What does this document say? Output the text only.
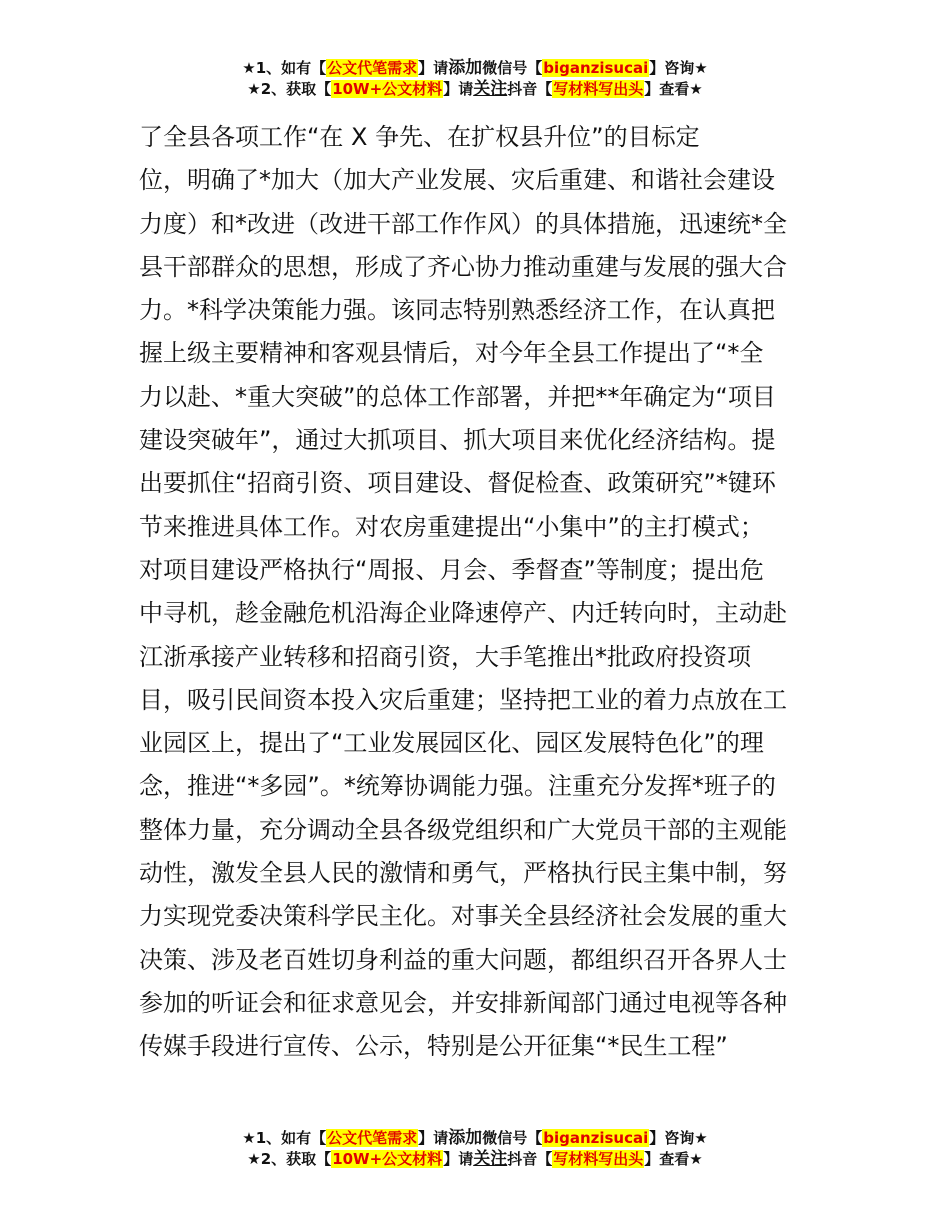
★1、如有【公文代笔需求】请添加微信号【biganzisucai】咨询★
★2、获取【10W+公文材料】请关注抖音【写材料写出头】查看★
了全县各项工作“在 X 争先、在扩权县升位”的目标定
位，明确了*加大（加大产业发展、灾后重建、和谐社会建设
力度）和*改进（改进干部工作作风）的具体措施，迅速统*全
县干部群众的思想，形成了齐心协力推动重建与发展的强大合
力。*科学决策能力强。该同志特别熟悉经济工作，在认真把
握上级主要精神和客观县情后，对今年全县工作提出了“*全
力以赴、*重大突破”的总体工作部署，并把**年确定为“项目
建设突破年”，通过大抓项目、抓大项目来优化经济结构。提
出要抓住“招商引资、项目建设、督促检查、政策研究”*键环
节来推进具体工作。对农房重建提出“小集中”的主打模式；
对项目建设严格执行“周报、月会、季督查”等制度；提出危
中寻机，趁金融危机沿海企业降速停产、内迁转向时，主动赴
江浙承接产业转移和招商引资，大手笔推出*批政府投资项
目，吸引民间资本投入灾后重建；坚持把工业的着力点放在工
业园区上，提出了“工业发展园区化、园区发展特色化”的理
念，推进“*多园”。*统筹协调能力强。注重充分发挥*班子的
整体力量，充分调动全县各级党组织和广大党员干部的主观能
动性，激发全县人民的激情和勇气，严格执行民主集中制，努
力实现党委决策科学民主化。对事关全县经济社会发展的重大
决策、涉及老百姓切身利益的重大问题，都组织召开各界人士
参加的听证会和征求意见会，并安排新闻部门通过电视等各种
传媒手段进行宣传、公示，特别是公开征集“*民生工程”
★1、如有【公文代笔需求】请添加微信号【biganzisucai】咨询★
★2、获取【10W+公文材料】请关注抖音【写材料写出头】查看★
